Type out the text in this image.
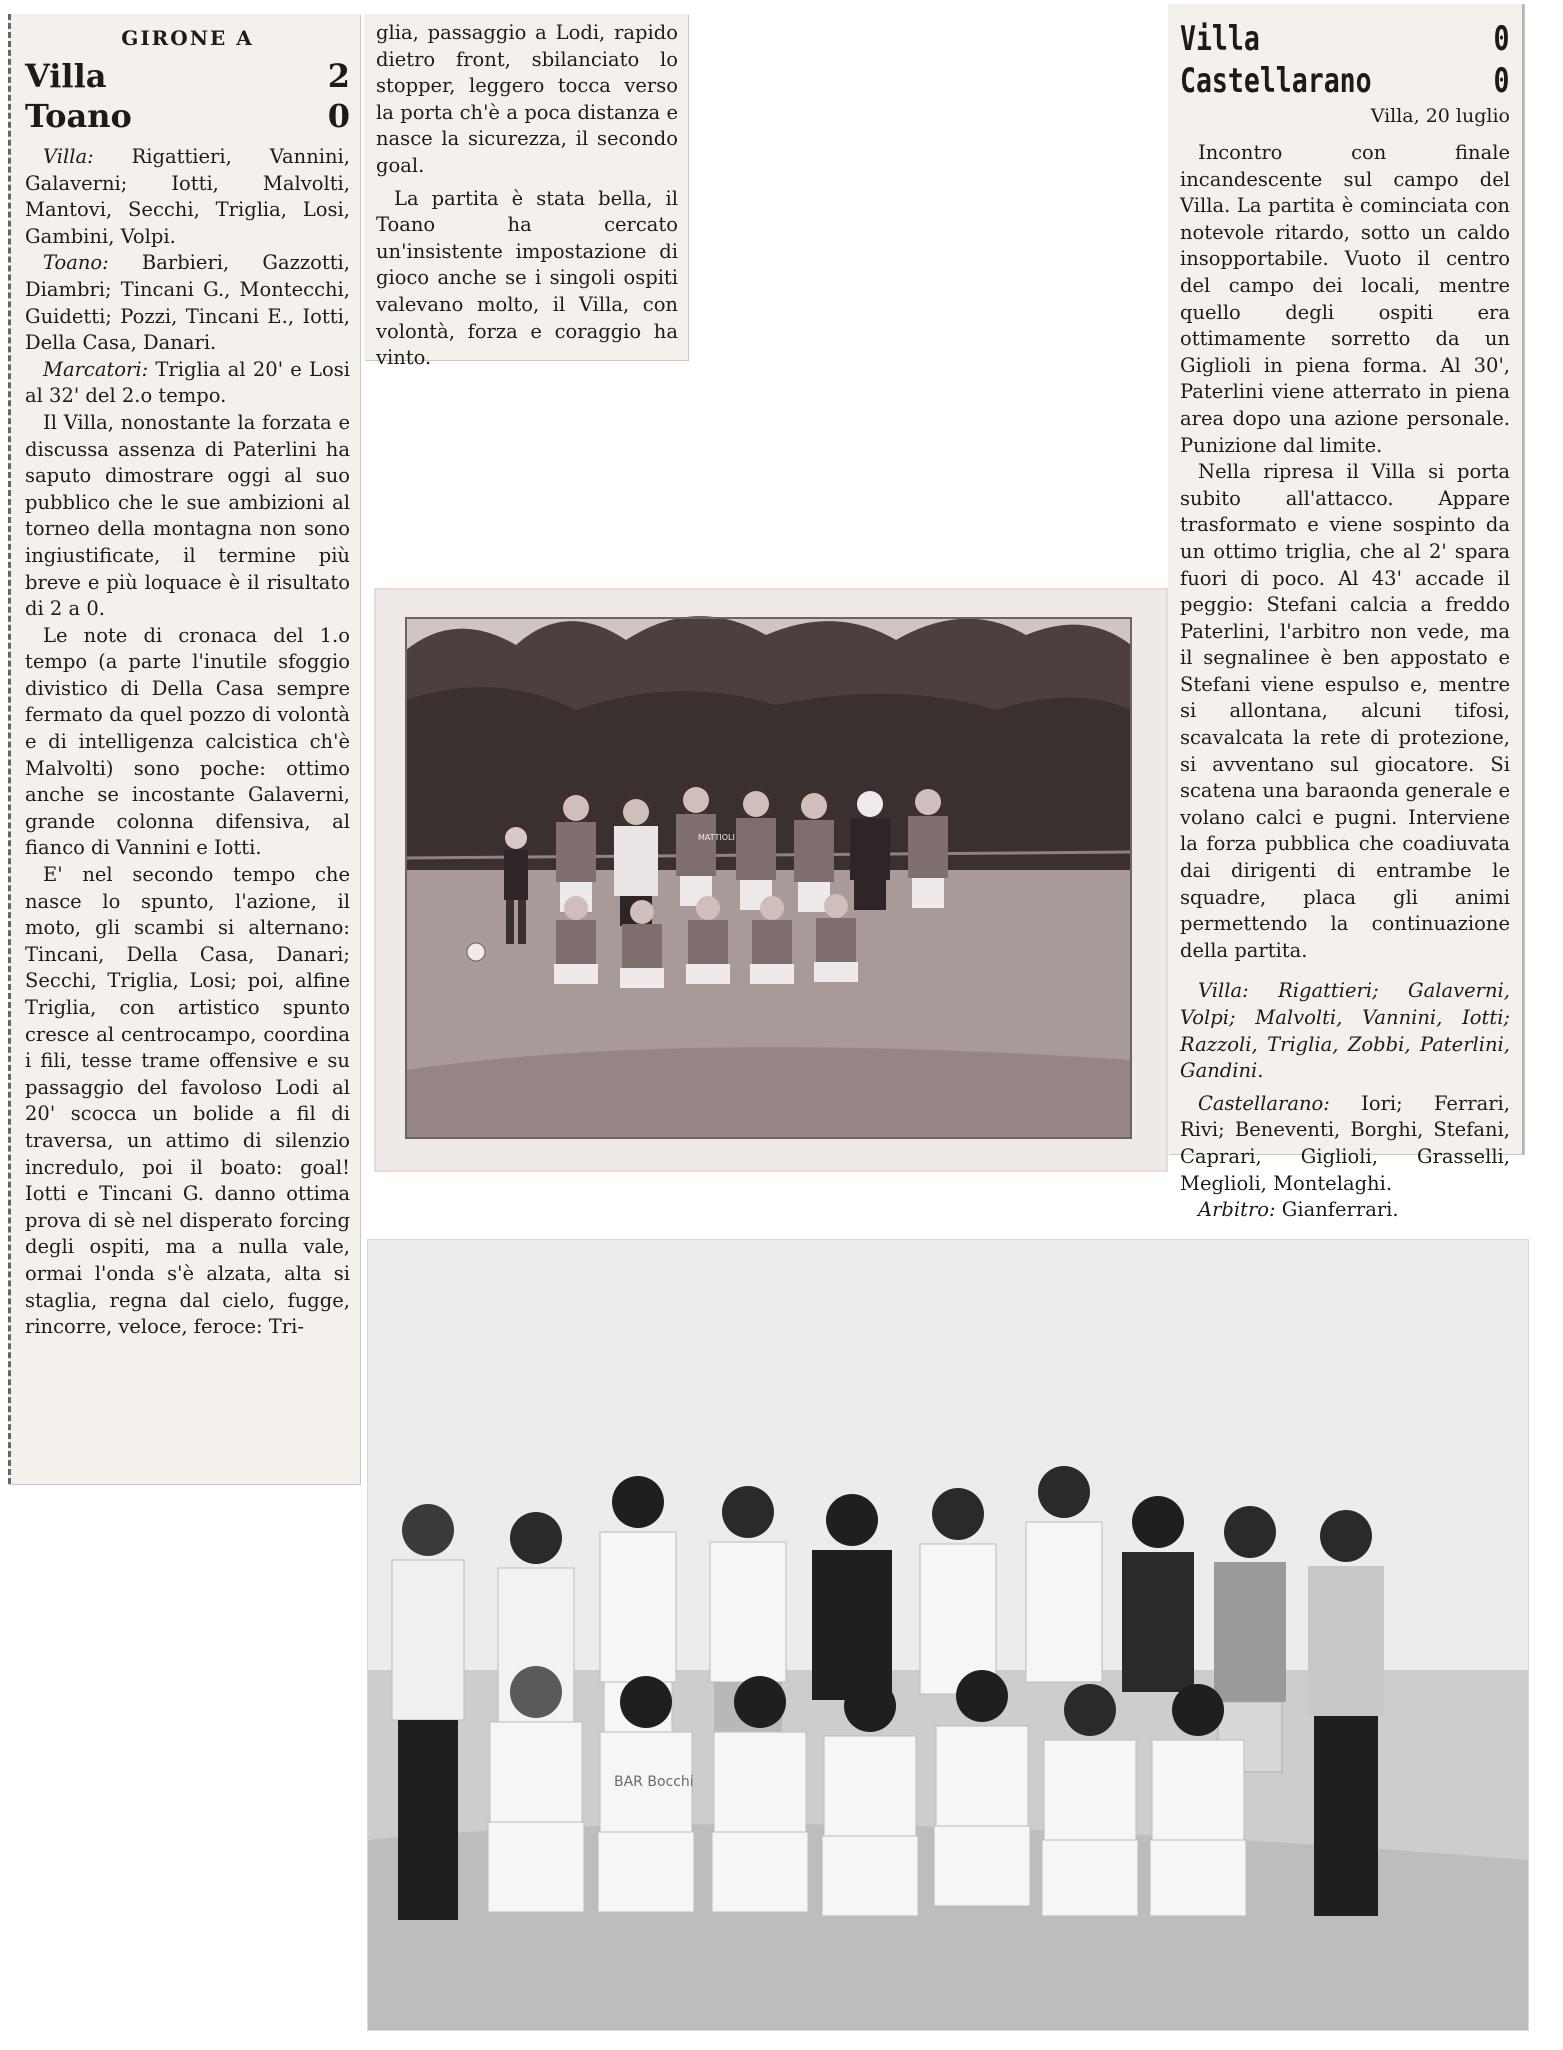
GIRONE A
Villa	2
Toano	0

Villa: Rigattieri, Vannini, Galaverni; Iotti, Malvolti, Mantovi, Secchi, Triglia, Losi, Gambini, Volpi.

Toano: Barbieri, Gazzotti, Diambri; Tincani G., Montecchi, Guidetti; Pozzi, Tincani E., Iotti, Della Casa, Danari.

Marcatori: Triglia al 20' e Losi al 32' del 2.o tempo.

Il Villa, nonostante la forzata e discussa assenza di Paterlini ha saputo dimostrare oggi al suo pubblico che le sue ambizioni al torneo della montagna non sono ingiustificate, il termine più breve e più loquace è il risultato di 2 a 0.

Le note di cronaca del 1.o tempo (a parte l'inutile sfoggio divistico di Della Casa sempre fermato da quel pozzo di volontà e di intelligenza calcistica ch'è Malvolti) sono poche: ottimo anche se incostante Galaverni, grande colonna difensiva, al fianco di Vannini e Iotti.

E' nel secondo tempo che nasce lo spunto, l'azione, il moto, gli scambi si alternano: Tincani, Della Casa, Danari; Secchi, Triglia, Losi; poi, alfine Triglia, con artistico spunto cresce al centrocampo, coordina i fili, tesse trame offensive e su passaggio del favoloso Lodi al 20' scocca un bolide a fil di traversa, un attimo di silenzio incredulo, poi il boato: goal! Iotti e Tincani G. danno ottima prova di sè nel disperato forcing degli ospiti, ma a nulla vale, ormai l'onda s'è alzata, alta si staglia, regna dal cielo, fugge, rincorre, veloce, feroce: Tri-

glia, passaggio a Lodi, rapido dietro front, sbilanciato lo stopper, leggero tocca verso la porta ch'è a poca distanza e nasce la sicurezza, il secondo goal.

La partita è stata bella, il Toano ha cercato un'insistente impostazione di gioco anche se i singoli ospiti valevano molto, il Villa, con volontà, forza e coraggio ha vinto.

Villa	0
Castellarano	0
Villa, 20 luglio

Incontro con finale incandescente sul campo del Villa. La partita è cominciata con notevole ritardo, sotto un caldo insopportabile. Vuoto il centro del campo dei locali, mentre quello degli ospiti era ottimamente sorretto da un Giglioli in piena forma. Al 30', Paterlini viene atterrato in piena area dopo una azione personale. Punizione dal limite.

Nella ripresa il Villa si porta subito all'attacco. Appare trasformato e viene sospinto da un ottimo triglia, che al 2' spara fuori di poco. Al 43' accade il peggio: Stefani calcia a freddo Paterlini, l'arbitro non vede, ma il segnalinee è ben appostato e Stefani viene espulso e, mentre si allontana, alcuni tifosi, scavalcata la rete di protezione, si avventano sul giocatore. Si scatena una baraonda generale e volano calci e pugni. Interviene la forza pubblica che coadiuvata dai dirigenti di entrambe le squadre, placa gli animi permettendo la continuazione della partita.

Villa: Rigattieri; Galaverni, Volpi; Malvolti, Vannini, Iotti; Razzoli, Triglia, Zobbi, Paterlini, Gandini.

Castellarano: Iori; Ferrari, Rivi; Beneventi, Borghi, Stefani, Caprari, Giglioli, Grasselli, Meglioli, Montelaghi.

Arbitro: Gianferrari.

MATTIOLI
BAR Bocchi
